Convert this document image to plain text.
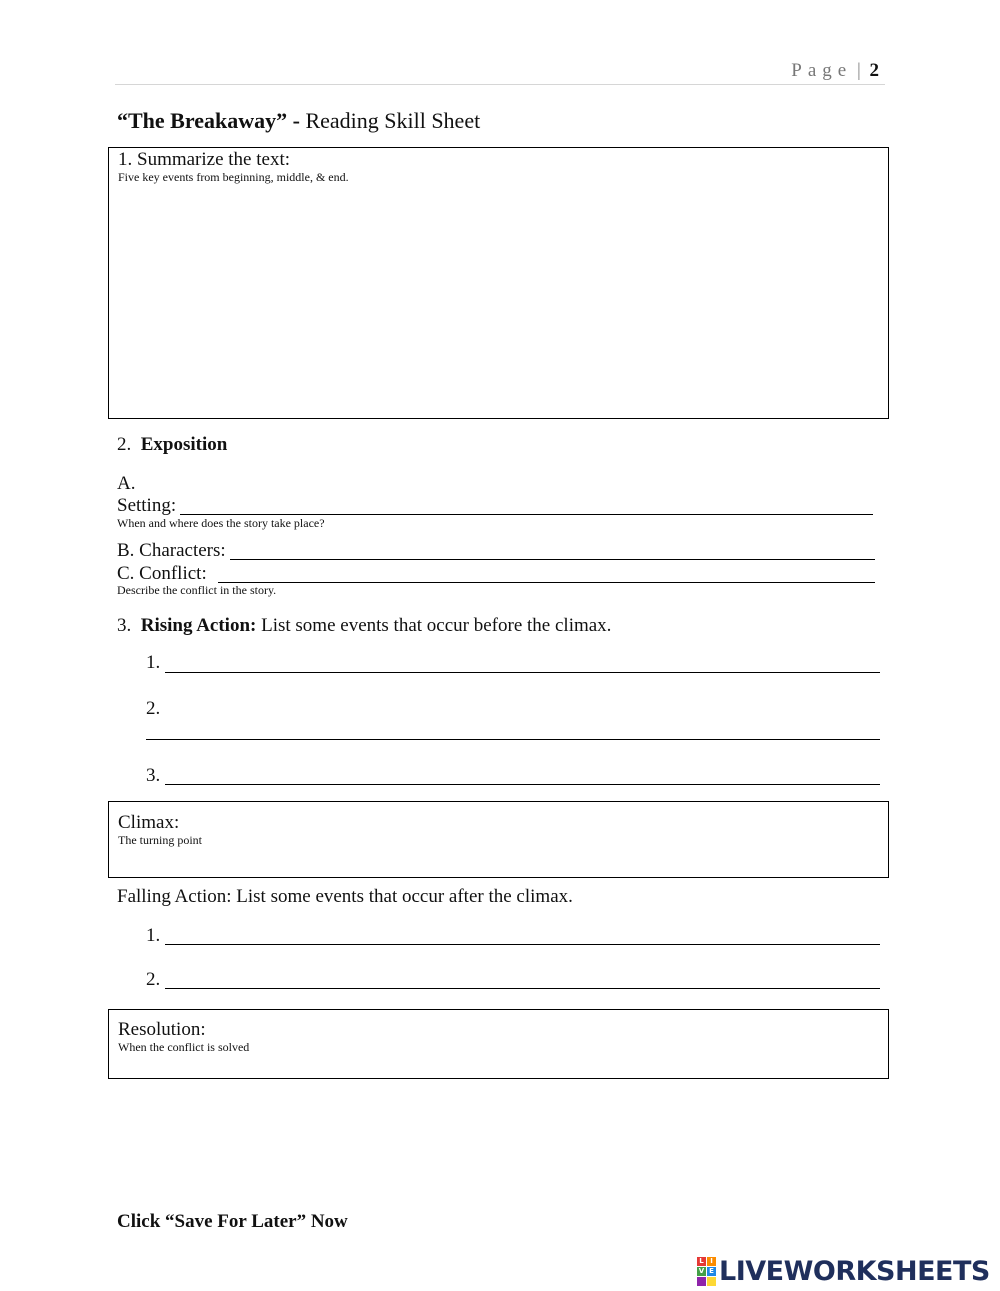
Page | 2
“The Breakaway” - Reading Skill Sheet
1. Summarize the text:
Five key events from beginning, middle, & end.
2. Exposition
A.
Setting:
When and where does the story take place?
B. Characters:
C. Conflict:
Describe the conflict in the story.
3. Rising Action: List some events that occur before the climax.
1.
2.
3.
Climax:
The turning point
Falling Action: List some events that occur after the climax.
1.
2.
Resolution:
When the conflict is solved
Click “Save For Later” Now
L I
V E LIVEWORKSHEETS
